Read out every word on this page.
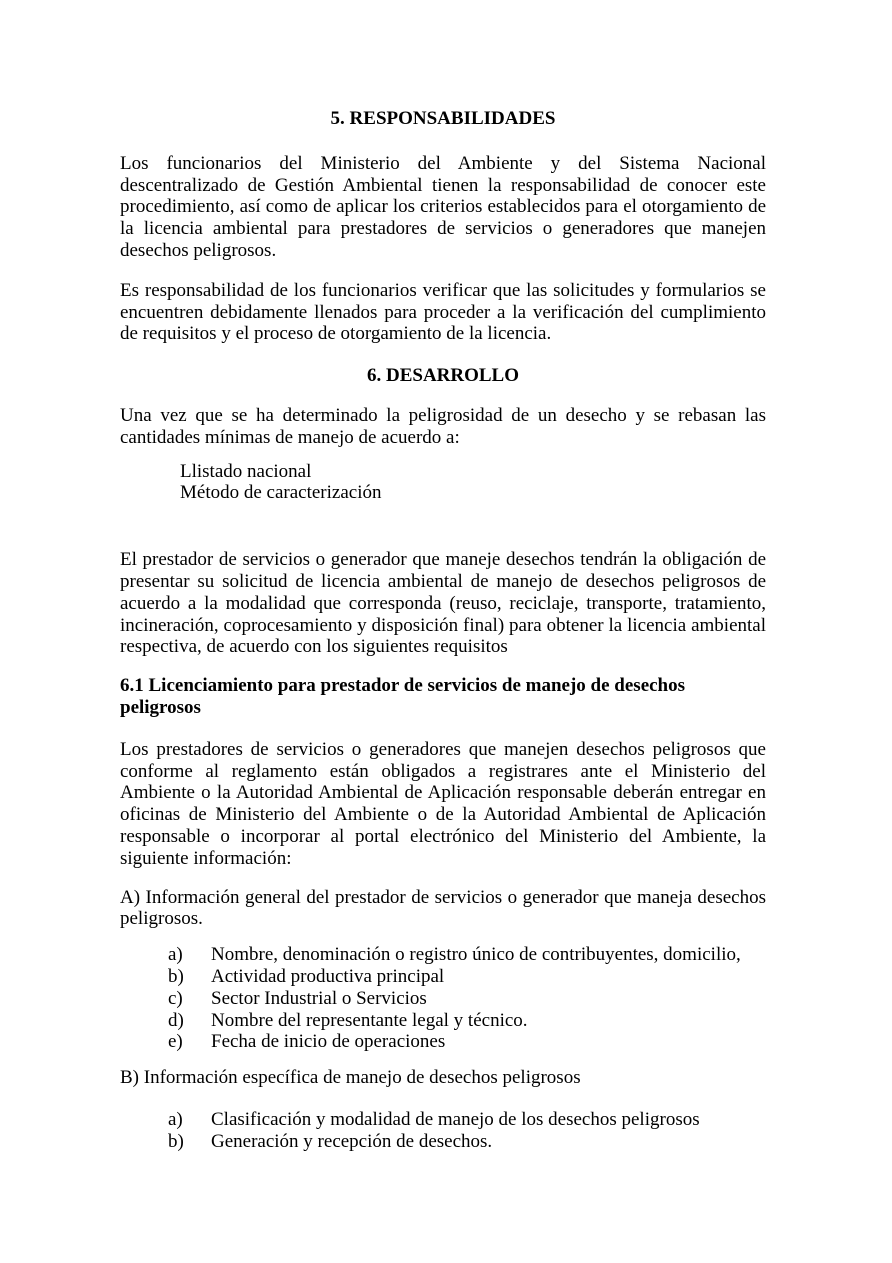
5. RESPONSABILIDADES

Los funcionarios del Ministerio del Ambiente y del Sistema Nacional descentralizado de Gestión Ambiental tienen la responsabilidad de conocer este procedimiento, así como de aplicar los criterios establecidos para el otorgamiento de la licencia ambiental para prestadores de servicios o generadores que manejen desechos peligrosos.

Es responsabilidad de los funcionarios verificar que las solicitudes y formularios se encuentren debidamente llenados para proceder a la verificación del cumplimiento de requisitos y el proceso de otorgamiento de la licencia.

6. DESARROLLO

Una vez que se ha determinado la peligrosidad de un desecho y se rebasan las cantidades mínimas de manejo de acuerdo a:

Llistado nacional
Método de caracterización

El prestador de servicios o generador que maneje desechos tendrán la obligación de presentar su solicitud de licencia ambiental de manejo de desechos peligrosos de acuerdo a la modalidad que corresponda (reuso, reciclaje, transporte, tratamiento, incineración, coprocesamiento y disposición final) para obtener la licencia ambiental respectiva, de acuerdo con los siguientes requisitos

6.1 Licenciamiento para prestador de servicios de manejo de desechos peligrosos

Los prestadores de servicios o generadores que manejen desechos peligrosos que conforme al reglamento están obligados a registrares ante el Ministerio del Ambiente o la Autoridad Ambiental de Aplicación responsable deberán entregar en oficinas de Ministerio del Ambiente o de la Autoridad Ambiental de Aplicación responsable o incorporar al portal electrónico del Ministerio del Ambiente, la siguiente información:

A) Información general del prestador de servicios o generador que maneja desechos peligrosos.

a)	Nombre, denominación o registro único de contribuyentes, domicilio,
b)	Actividad productiva principal
c)	Sector Industrial o Servicios
d)	Nombre del representante legal y técnico.
e)	Fecha de inicio de operaciones

B) Información específica de manejo de desechos peligrosos

a)	Clasificación y modalidad de manejo de los desechos peligrosos
b)	Generación y recepción de desechos.
